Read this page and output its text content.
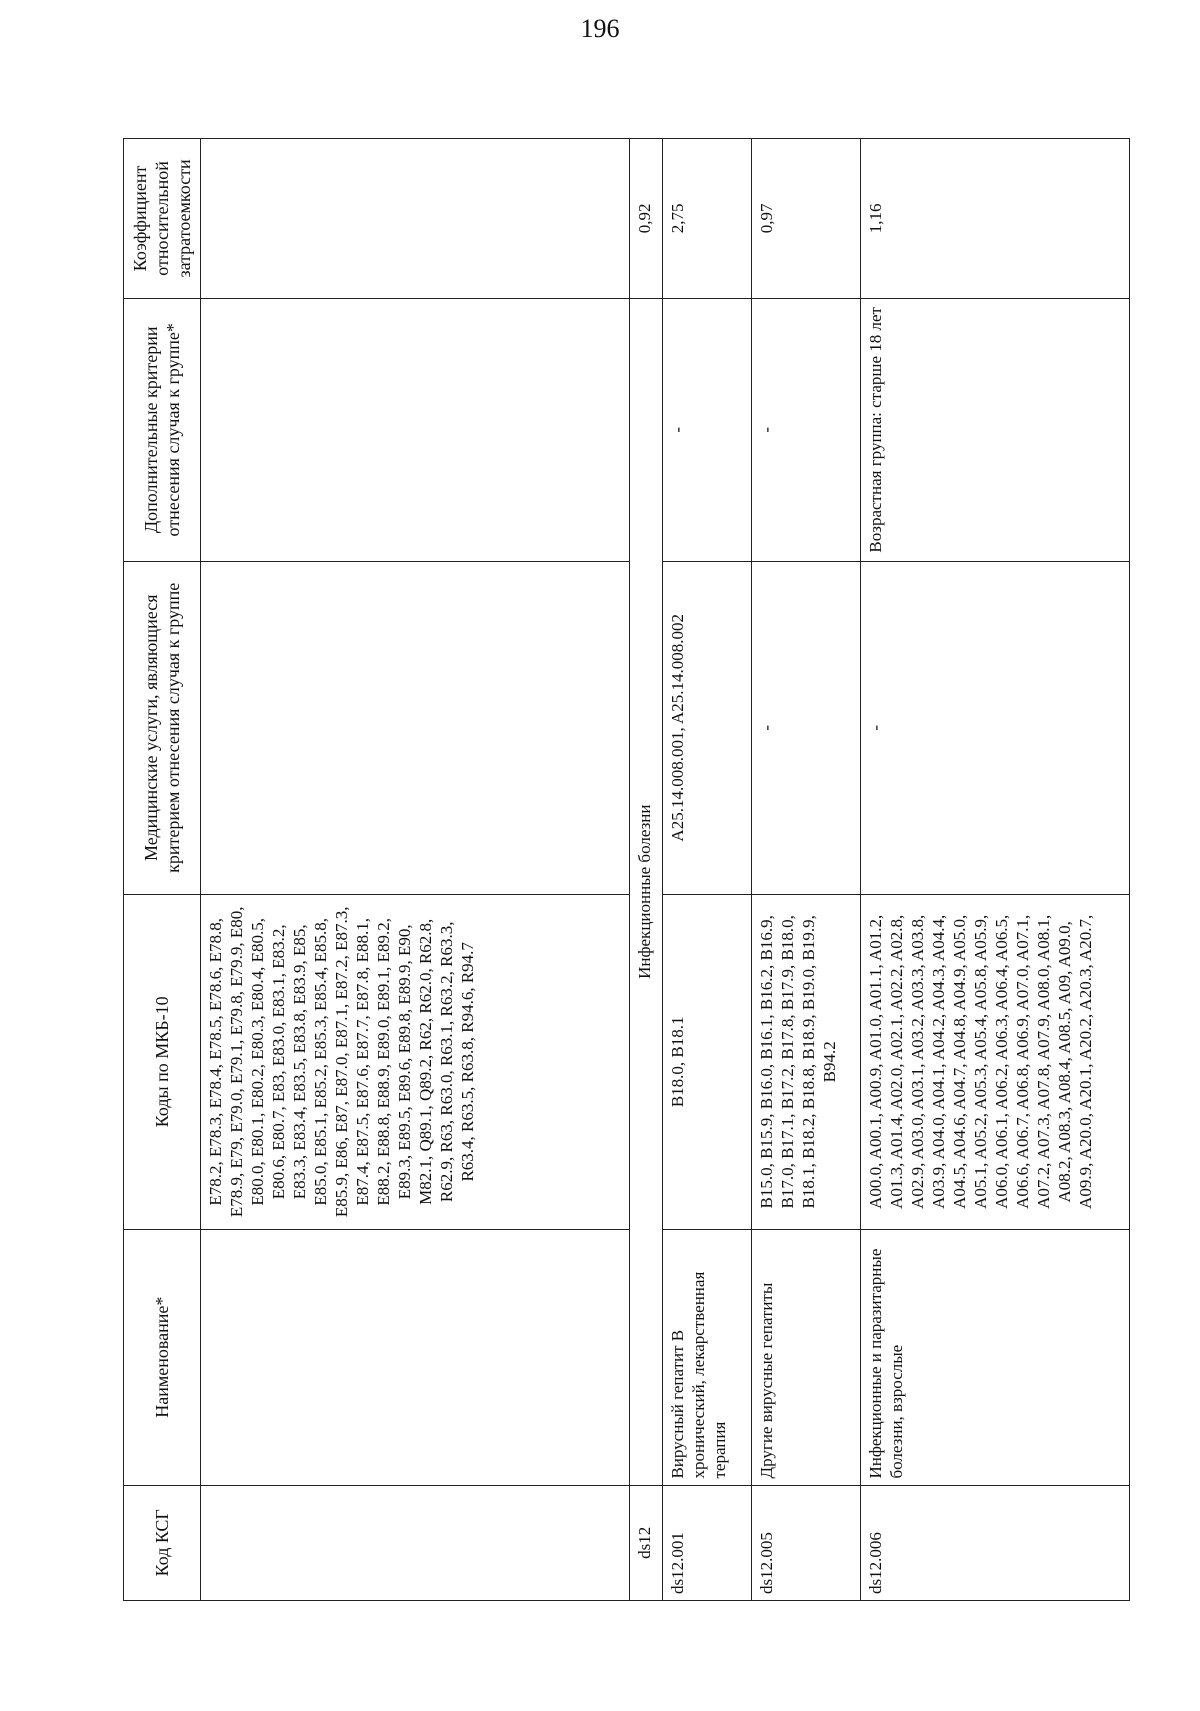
196
Код КСГ	Наименование*	Коды по МКБ-10	Медицинские услуги, являющиеся критерием отнесения случая к группе	Дополнительные критерии отнесения случая к группе*	Коэффициент относительной затратоемкости
		E78.2, E78.3, E78.4, E78.5, E78.6, E78.8, E78.9, E79, E79.0, E79.1, E79.8, E79.9, E80, E80.0, E80.1, E80.2, E80.3, E80.4, E80.5, E80.6, E80.7, E83, E83.0, E83.1, E83.2, E83.3, E83.4, E83.5, E83.8, E83.9, E85, E85.0, E85.1, E85.2, E85.3, E85.4, E85.8, E85.9, E86, E87, E87.0, E87.1, E87.2, E87.3, E87.4, E87.5, E87.6, E87.7, E87.8, E88.1, E88.2, E88.8, E88.9, E89.0, E89.1, E89.2, E89.3, E89.5, E89.6, E89.8, E89.9, E90, M82.1, Q89.1, Q89.2, R62, R62.0, R62.8, R62.9, R63, R63.0, R63.1, R63.2, R63.3, R63.4, R63.5, R63.8, R94.6, R94.7			
ds12	Инфекционные болезни				0,92
ds12.001	Вирусный гепатит B хронический, лекарственная терапия	B18.0, B18.1	A25.14.008.001, A25.14.008.002	-	2,75
ds12.005	Другие вирусные гепатиты	B15.0, B15.9, B16.0, B16.1, B16.2, B16.9, B17.0, B17.1, B17.2, B17.8, B17.9, B18.0, B18.1, B18.2, B18.8, B18.9, B19.0, B19.9, B94.2	-	-	0,97
ds12.006	Инфекционные и паразитарные болезни, взрослые	A00.0, A00.1, A00.9, A01.0, A01.1, A01.2, A01.3, A01.4, A02.0, A02.1, A02.2, A02.8, A02.9, A03.0, A03.1, A03.2, A03.3, A03.8, A03.9, A04.0, A04.1, A04.2, A04.3, A04.4, A04.5, A04.6, A04.7, A04.8, A04.9, A05.0, A05.1, A05.2, A05.3, A05.4, A05.8, A05.9, A06.0, A06.1, A06.2, A06.3, A06.4, A06.5, A06.6, A06.7, A06.8, A06.9, A07.0, A07.1, A07.2, A07.3, A07.8, A07.9, A08.0, A08.1, A08.2, A08.3, A08.4, A08.5, A09, A09.0, A09.9, A20.0, A20.1, A20.2, A20.3, A20.7,	-	Возрастная группа: старше 18 лет	1,16
